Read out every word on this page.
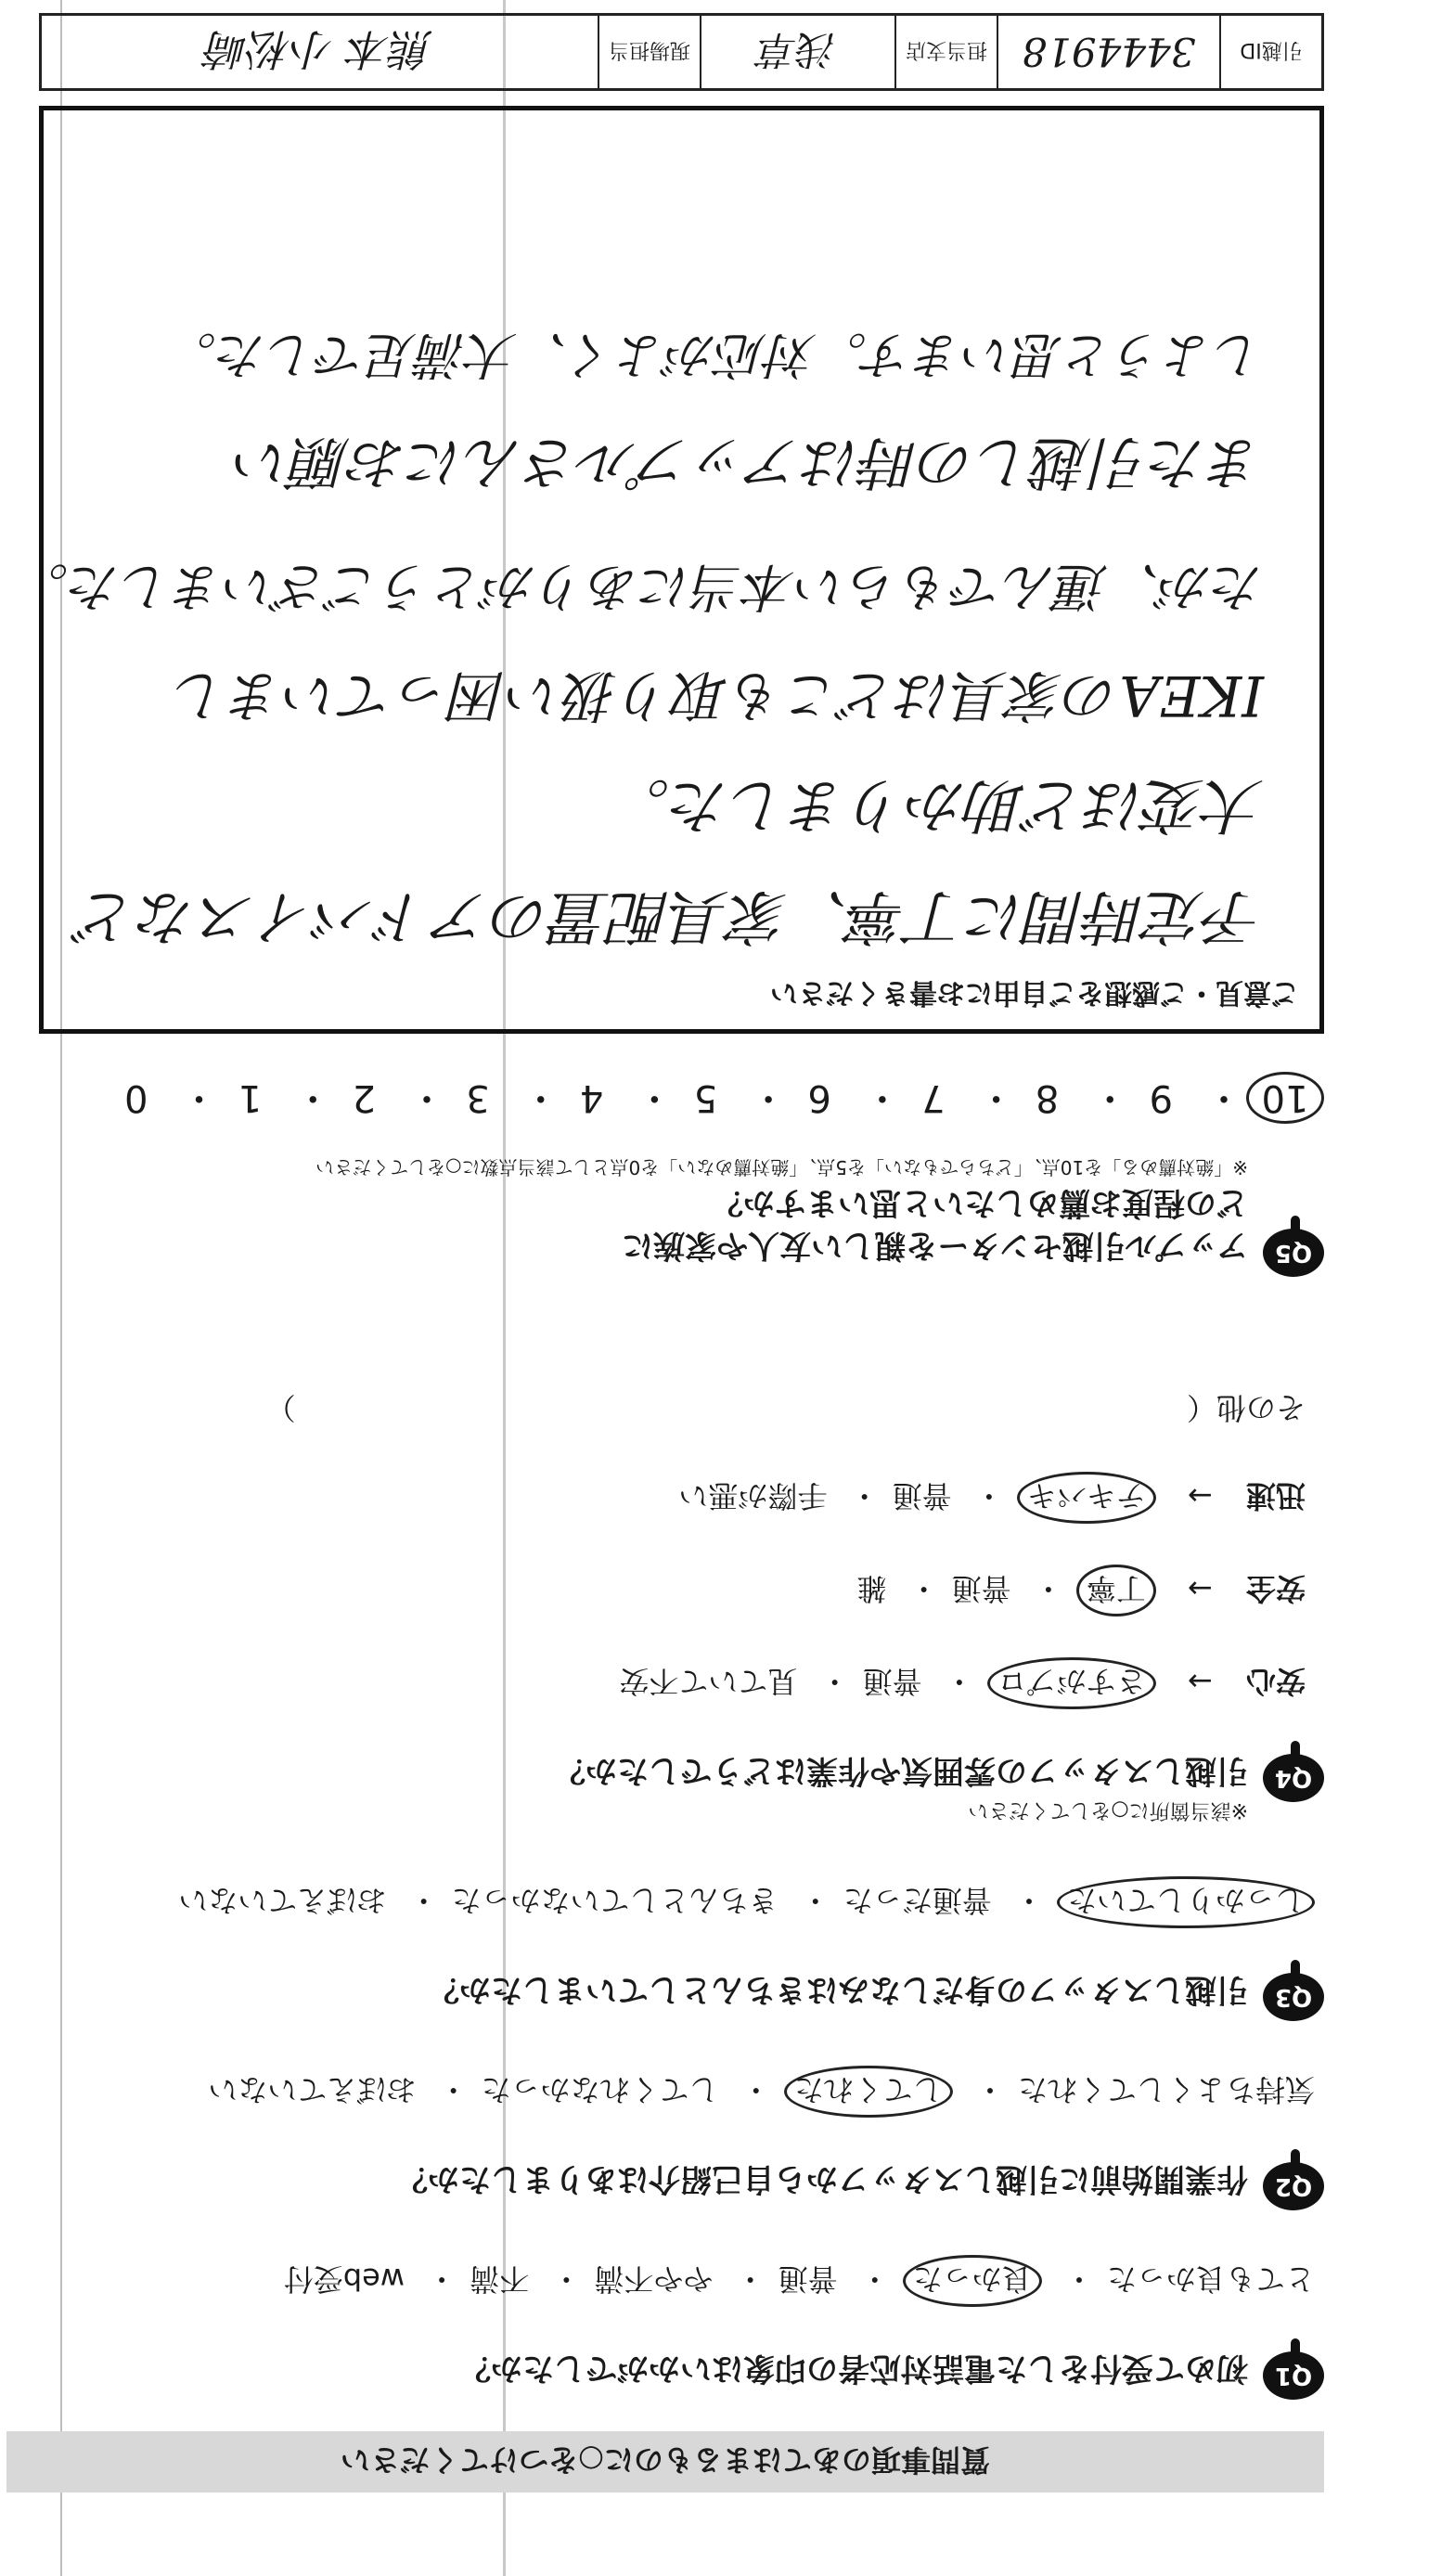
質問事項のあてはまるものに○をつけてください
Q1
初めて受付をした電話対応者の印象はいかがでしたか？
とても良かった・ 良かった・ 普通・ やや不満・ 不満・ web受付
Q2
作業開始前に引越しスタッフから自己紹介はありましたか？
気持ちよくしてくれた・ してくれた・ してくれなかった・ おぼえていない
Q3
引越しスタッフの身だしなみはきちんとしていましたか？
しっかりしていた・ 普通だった・ きちんとしていなかった・ おぼえていない
Q4
引越しスタッフの雰囲気や作業はどうでしたか？
※該当箇所に○をしてください
安心 → さすがプロ・ 普通・ 見ていて不安
安全 → 丁寧・ 普通・ 雑
迅速 → テキパキ・ 普通・ 手際が悪い
その他（  ）
Q5
アップル引越センターを親しい友人や家族に
どの程度お薦めしたいと思いますか？
※「絶対薦める」を10点、「どちらでもない」を5点、「絶対薦めない」を0点として該当点数に○をしてください
10・ 9・ 8・ 7・ 6・ 5・ 4・ 3・ 2・ 1・ 0
ご意見・ご感想をご自由にお書きください
予定時間に丁寧、家具配置のアドバイスなど
大変ほど助かりました。
IKEAの家具はどこも取り扱い困っていまし
たが、運んでもらい本当にありがとうございました。
また引越しの時はアップルさんにお願い
しようと思います。対応がよく、大満足でした。
引越ID
3444918
担当支店
浅草
現場担当
熊本 小松崎
